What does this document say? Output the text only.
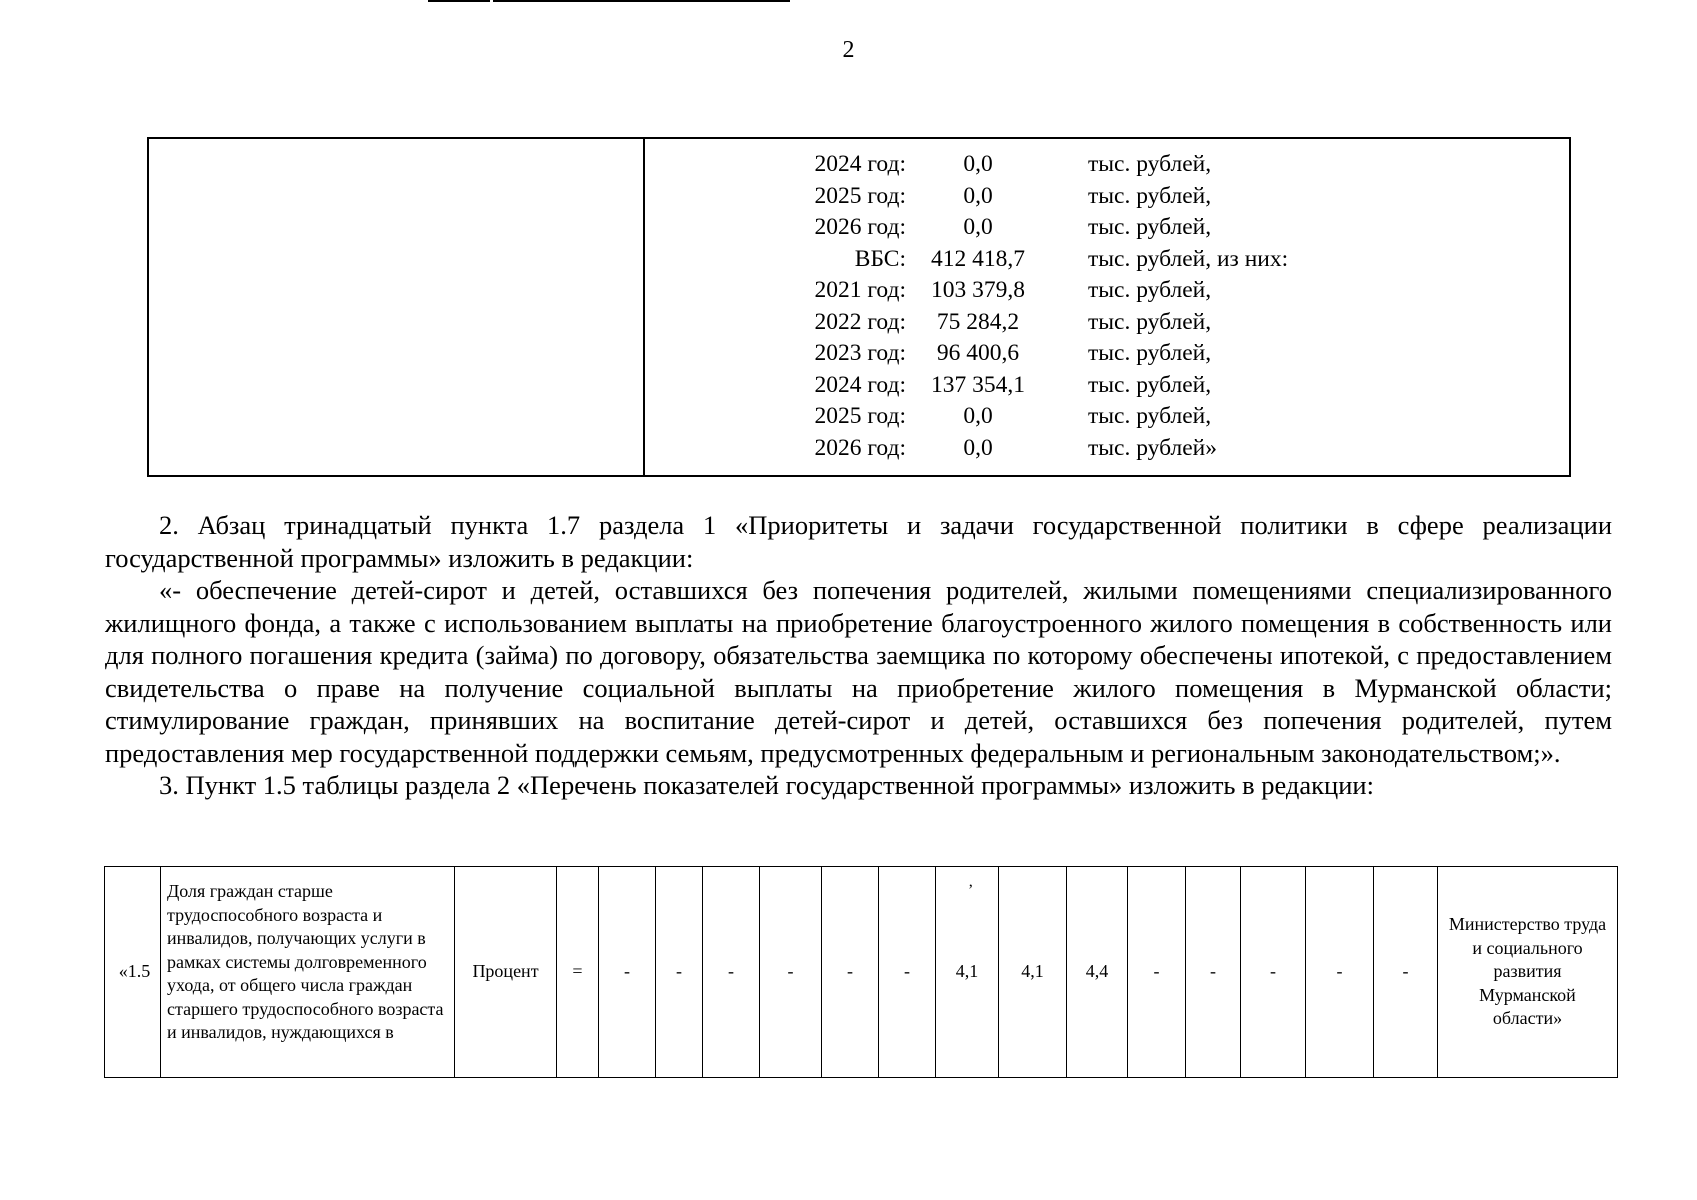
2
2024 год:	0,0	тыс. рублей,
2025 год:	0,0	тыс. рублей,
2026 год:	0,0	тыс. рублей,
ВБС:	412 418,7	тыс. рублей, из них:
2021 год:	103 379,8	тыс. рублей,
2022 год:	75 284,2	тыс. рублей,
2023 год:	96 400,6	тыс. рублей,
2024 год:	137 354,1	тыс. рублей,
2025 год:	0,0	тыс. рублей,
2026 год:	0,0	тыс. рублей»

2. Абзац тринадцатый пункта 1.7 раздела 1 «Приоритеты и задачи государственной политики в сфере реализации государственной программы» изложить в редакции:

«- обеспечение детей-сирот и детей, оставшихся без попечения родителей, жилыми помещениями специализированного жилищного фонда, а также с использованием выплаты на приобретение благоустроенного жилого помещения в собственность или для полного погашения кредита (займа) по договору, обязательства заемщика по которому обеспечены ипотекой, с предоставлением свидетельства о праве на получение социальной выплаты на приобретение жилого помещения в Мурманской области; стимулирование граждан, принявших на воспитание детей-сирот и детей, оставшихся без попечения родителей, путем предоставления мер государственной поддержки семьям, предусмотренных федеральным и региональным законодательством;».

3. Пункт 1.5 таблицы раздела 2 «Перечень показателей государственной программы» изложить в редакции:

ʼ
«1.5	Доля граждан старше трудоспособного возраста и инвалидов, получающих услуги в рамках системы долговременного ухода, от общего числа граждан старшего трудоспособного возраста и инвалидов, нуждающихся в	Процент	=	-	-	-	-	-	-	4,1	4,1	4,4	-	-	-	-	-	Министерство труда и социального развития Мурманской области»
